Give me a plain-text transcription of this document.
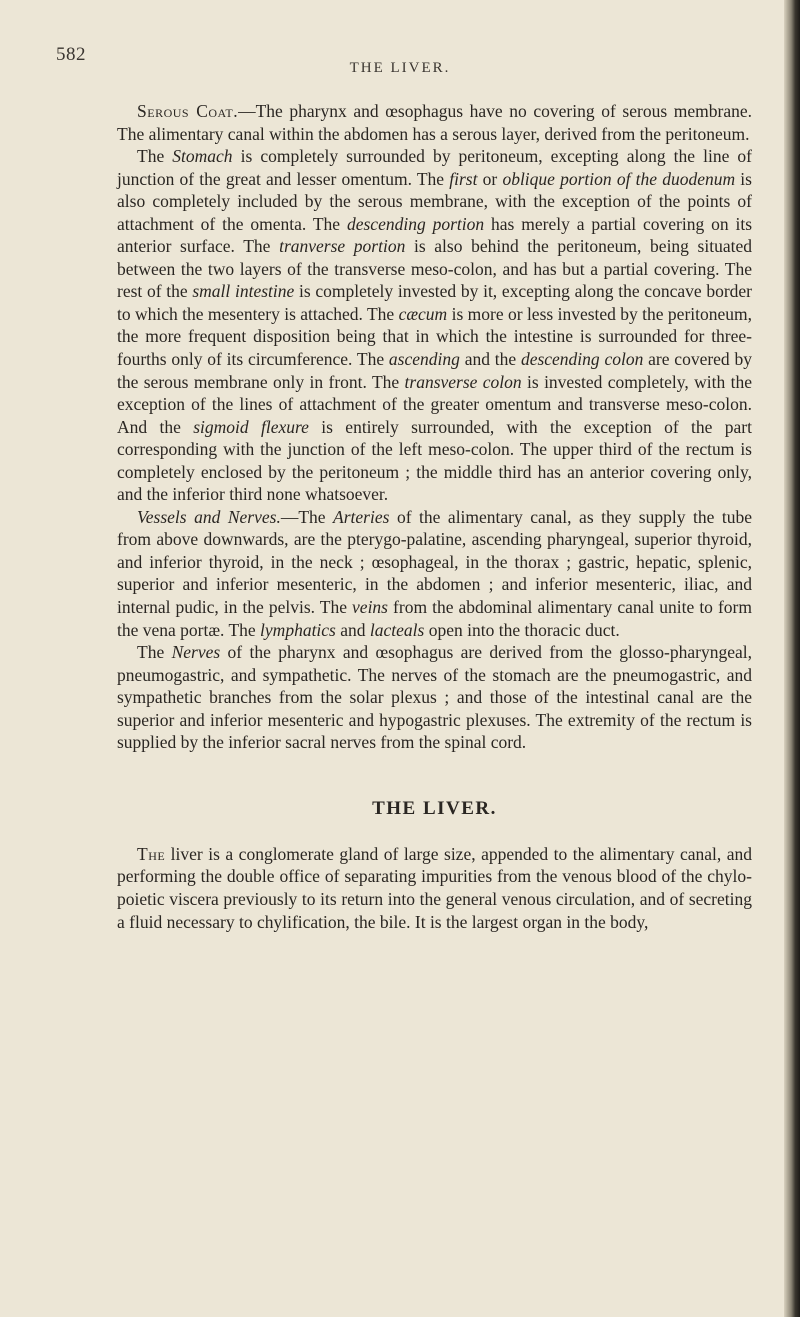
582
THE LIVER.

Serous Coat.—The pharynx and œsophagus have no covering of serous membrane. The alimentary canal within the abdomen has a serous layer, derived from the peritoneum.

The Stomach is completely surrounded by peritoneum, excepting along the line of junction of the great and lesser omentum. The first or oblique portion of the duodenum is also completely included by the serous membrane, with the exception of the points of attachment of the omenta. The descending portion has merely a partial covering on its anterior surface. The tranverse portion is also behind the peritoneum, being situated between the two layers of the transverse meso-colon, and has but a partial covering. The rest of the small intestine is completely invested by it, excepting along the concave border to which the mesentery is attached. The cæcum is more or less invested by the peritoneum, the more frequent disposition being that in which the intestine is surrounded for three-fourths only of its circumference. The ascending and the descending colon are covered by the serous membrane only in front. The transverse colon is invested completely, with the exception of the lines of attachment of the greater omentum and transverse meso-colon. And the sigmoid flexure is entirely surrounded, with the exception of the part corresponding with the junction of the left meso-colon. The upper third of the rectum is completely enclosed by the peritoneum ; the middle third has an anterior covering only, and the inferior third none whatsoever.

Vessels and Nerves.—The Arteries of the alimentary canal, as they supply the tube from above downwards, are the pterygo-palatine, ascending pharyngeal, superior thyroid, and inferior thyroid, in the neck ; œsophageal, in the thorax ; gastric, hepatic, splenic, superior and inferior mesenteric, in the abdomen ; and inferior mesenteric, iliac, and internal pudic, in the pelvis. The veins from the abdominal alimentary canal unite to form the vena portæ. The lymphatics and lacteals open into the thoracic duct.

The Nerves of the pharynx and œsophagus are derived from the glosso-pharyngeal, pneumogastric, and sympathetic. The nerves of the stomach are the pneumogastric, and sympathetic branches from the solar plexus ; and those of the intestinal canal are the superior and inferior mesenteric and hypogastric plexuses. The extremity of the rectum is supplied by the inferior sacral nerves from the spinal cord.

THE LIVER.

The liver is a conglomerate gland of large size, appended to the alimentary canal, and performing the double office of separating impurities from the venous blood of the chylo-poietic viscera previously to its return into the general venous circulation, and of secreting a fluid necessary to chylification, the bile. It is the largest organ in the body,
